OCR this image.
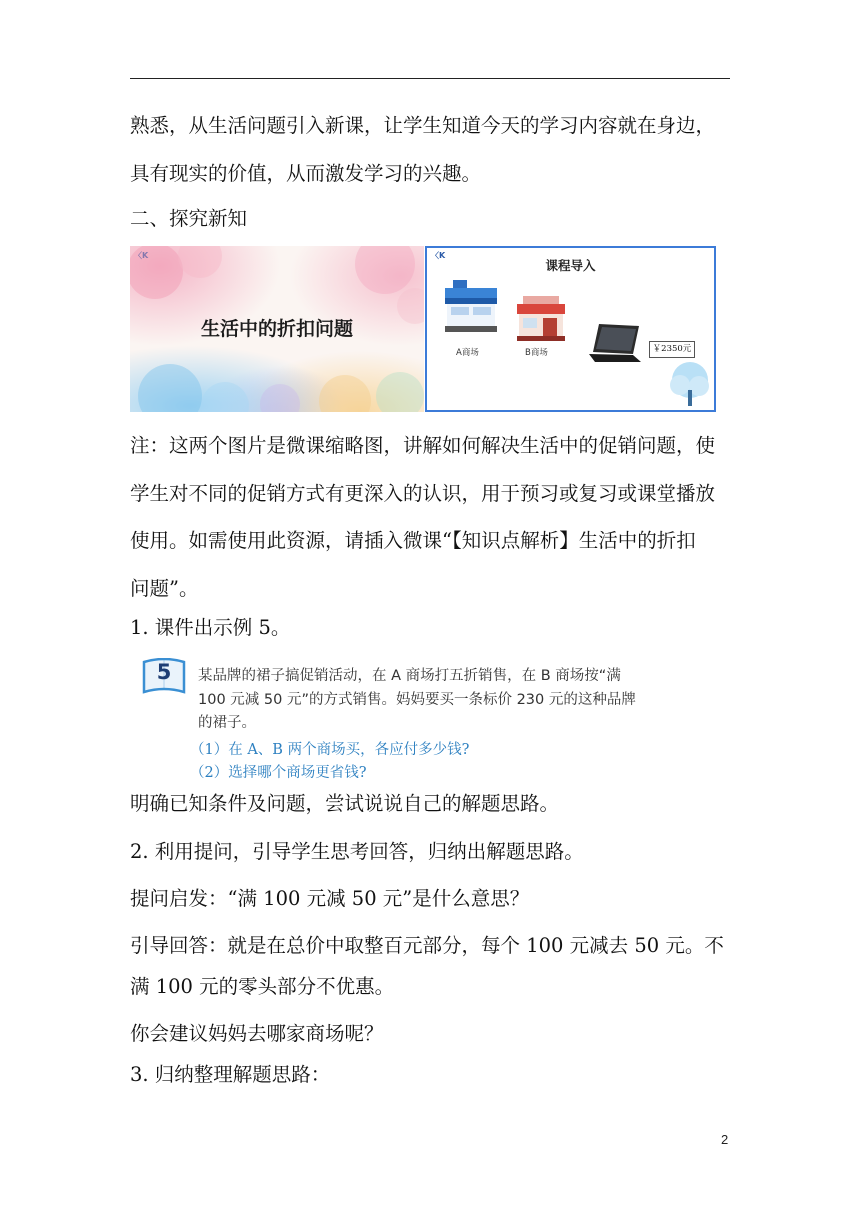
熟悉，从生活问题引入新课，让学生知道今天的学习内容就在身边，
具有现实的价值，从而激发学习的兴趣。
二、探究新知
〈K
生活中的折扣问题
〈K
课程导入
A商场	B商场	￥2350元
注：这两个图片是微课缩略图，讲解如何解决生活中的促销问题，使
学生对不同的促销方式有更深入的认识，用于预习或复习或课堂播放
使用。如需使用此资源，请插入微课“【知识点解析】生活中的折扣
问题”。
1. 课件出示例 5。
5	某品牌的裙子搞促销活动，在 A 商场打五折销售，在 B 商场按“满
100 元减 50 元”的方式销售。妈妈要买一条标价 230 元的这种品牌
的裙子。
（1）在 A、B 两个商场买，各应付多少钱?
（2）选择哪个商场更省钱?
明确已知条件及问题，尝试说说自己的解题思路。
2. 利用提问，引导学生思考回答，归纳出解题思路。
提问启发：“满 100 元减 50 元”是什么意思？
引导回答：就是在总价中取整百元部分，每个 100 元减去 50 元。不
满 100 元的零头部分不优惠。
你会建议妈妈去哪家商场呢？
3. 归纳整理解题思路：
2
